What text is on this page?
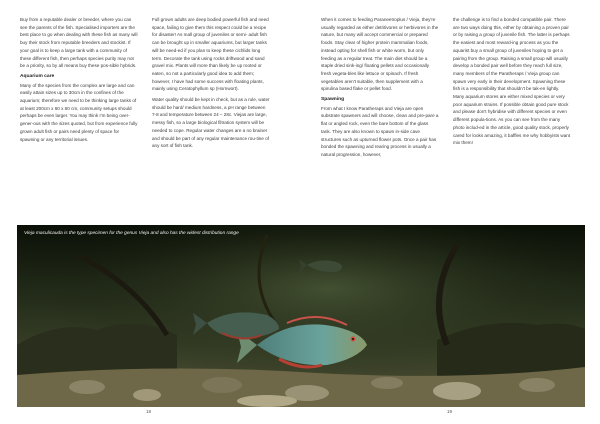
Buy from a reputable dealer or breeder, where you can see the parents of the fish. Specialised importers are the best place to go when dealing with these fish as many will buy their stock from reputable breeders and stockist. If your goal is to keep a large tank with a community of these different fish, then perhaps species purity may not be a priority, so by all means buy these pos-sible hybrids.

Aquarium care

Many of the species from the complex are large and can easily attain sizes up to 30cm in the confines of the aquarium; therefore we need to be thinking large tanks of at least 200cm x 60 x 60 cm, community setups should perhaps be even larger. You may think I'm being over-gener-ous with the sizes quoted, but from experience fully grown adult fish or pairs need plenty of space for spawning or any territorial issues.

Full grown adults are deep bodied powerful fish and need space, failing to give them this respect could be a recipe for disaster! As mall group of juveniles or semi- adult fish can be brought up in smaller aquariums, but larger tanks will be need-ed if you plan to keep these cichlids long term. Decorate the tank using rocks driftwood and sand gravel mix. Plants will more than likely be up rooted or eaten, so not a particularly good idea to add them; however, I have had some success with floating plants, mainly using Ceratophyllum sp (Hornwort).

Water quality should be kept in check, but as a rule, water should be hard/ medium hardness, a pH range between 7-8 and temperature between 24 – 28c. Viejas are large, messy fish, so a large biological filtration system will be needed to cope. Regular water changes are a no brainer and should be part of any regular maintenance rou-tine of any sort of fish tank.

When it comes to feeding Paraneetroplus / Vieja, they're usually regarded as either detritivores or herbivores in the nature, but many will accept commercial or prepared foods. Stay clear of higher protein mammalian foods, instead opting for shell fish or white worm, but only feeding as a regular treat. The main diet should be a staple dried sink-ing/ floating pellets and occasionally fresh vegeta-bles like lettuce or spinach. If fresh vegetables aren't suitable, then supplement with a spirulina based flake or pellet food.

Spawning

From what I know Paratheraps and Vieja are open substrate spawners and will choose, clean and pre-pare a flat or angled rock, even the bare bottom of the glass tank. They are also known to spawn in-side cave structures such as upturned flower pots. Once a pair has bonded the spawning and rearing process in usually a natural progression, however,

the challenge is to find a bonded compatible pair. There are two ways doing this, either by obtaining a proven pair or by raising a group of juvenile fish. The latter is perhaps the easiest and most reward-ing process as you the aquarist buy a small group of juveniles hoping to get a pairing from the group. Raising a small group will usually develop a bonded pair well before they reach full size, many members of the Paratheraps / Vieja group can spawn very early in their development. Spawning these fish is a responsibility that shouldn't be tak-en lightly. Many aquarium stores are either mixed species or very poor aquarium strains. If possible obtain good pure stock and please don't hybridise with different species or even different popula-tions. As you can see from the many photo includ-ed in the article, good quality stock, properly cared for looks amazing, it baffles me why hobbyists want mix them!

Vieja maculicauda is the type specimen for the genus Vieja and also has the widest distribution range
18	19
